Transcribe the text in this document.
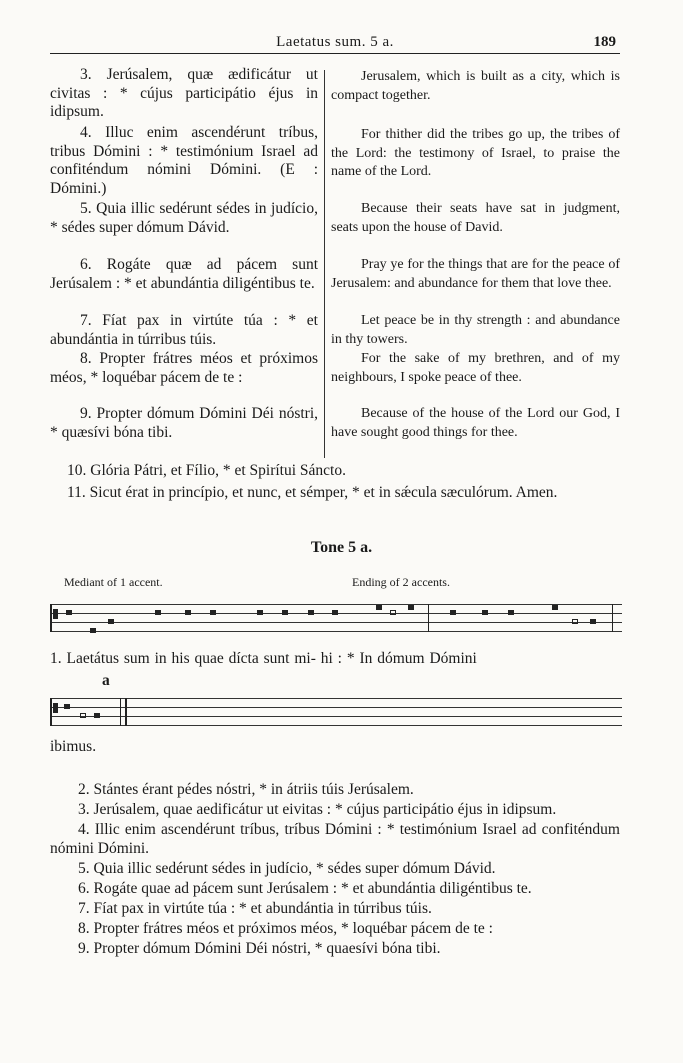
Laetatus sum. 5 a.	189

3. Jerúsalem, quæ ædificátur ut civitas : * cújus participátio éjus in idipsum.

4. Illuc enim ascendérunt tríbus, tribus Dómini : * testimónium Israel ad confiténdum nómini Dómini. (E : Dómini.)

5. Quia illic sedérunt sédes in judício, * sédes super dómum Dávid.

6. Rogáte quæ ad pácem sunt Jerúsalem : * et abundántia diligéntibus te.

7. Fíat pax in virtúte túa : * et abundántia in túrribus túis.

8. Propter frátres méos et próximos méos, * loquébar pácem de te :

9. Propter dómum Dómini Déi nóstri, * quæsívi bóna tibi.

Jerusalem, which is built as a city, which is compact together.

For thither did the tribes go up, the tribes of the Lord: the testimony of Israel, to praise the name of the Lord.

Because their seats have sat in judgment, seats upon the house of David.

Pray ye for the things that are for the peace of Jerusalem: and abundance for them that love thee.

Let peace be in thy strength : and abundance in thy towers.

For the sake of my brethren, and of my neighbours, I spoke peace of thee.

Because of the house of the Lord our God, I have sought good things for thee.

10. Glória Pátri, et Fílio, * et Spirítui Sáncto.

11. Sicut érat in princípio, et nunc, et sémper, * et in sǽcula sæculórum. Amen.

Tone 5 a.
Mediant of 1 accent.	Ending of 2 accents.
1. Laetátus sum in his quae dícta sunt mi- hi : * In dómum Dómini
a
ibimus.

2. Stántes érant pédes nóstri, * in átriis túis Jerúsalem.

3. Jerúsalem, quae aedificátur ut eivitas : * cújus participátio éjus in idipsum.

4. Illic enim ascendérunt tríbus, tríbus Dómini : * testimónium Israel ad confiténdum nómini Dómini.

5. Quia illic sedérunt sédes in judício, * sédes super dómum Dávid.

6. Rogáte quae ad pácem sunt Jerúsalem : * et abundántia diligéntibus te.

7. Fíat pax in virtúte túa : * et abundántia in túrribus túis.

8. Propter frátres méos et próximos méos, * loquébar pácem de te :

9. Propter dómum Dómini Déi nóstri, * quaesívi bóna tibi.
